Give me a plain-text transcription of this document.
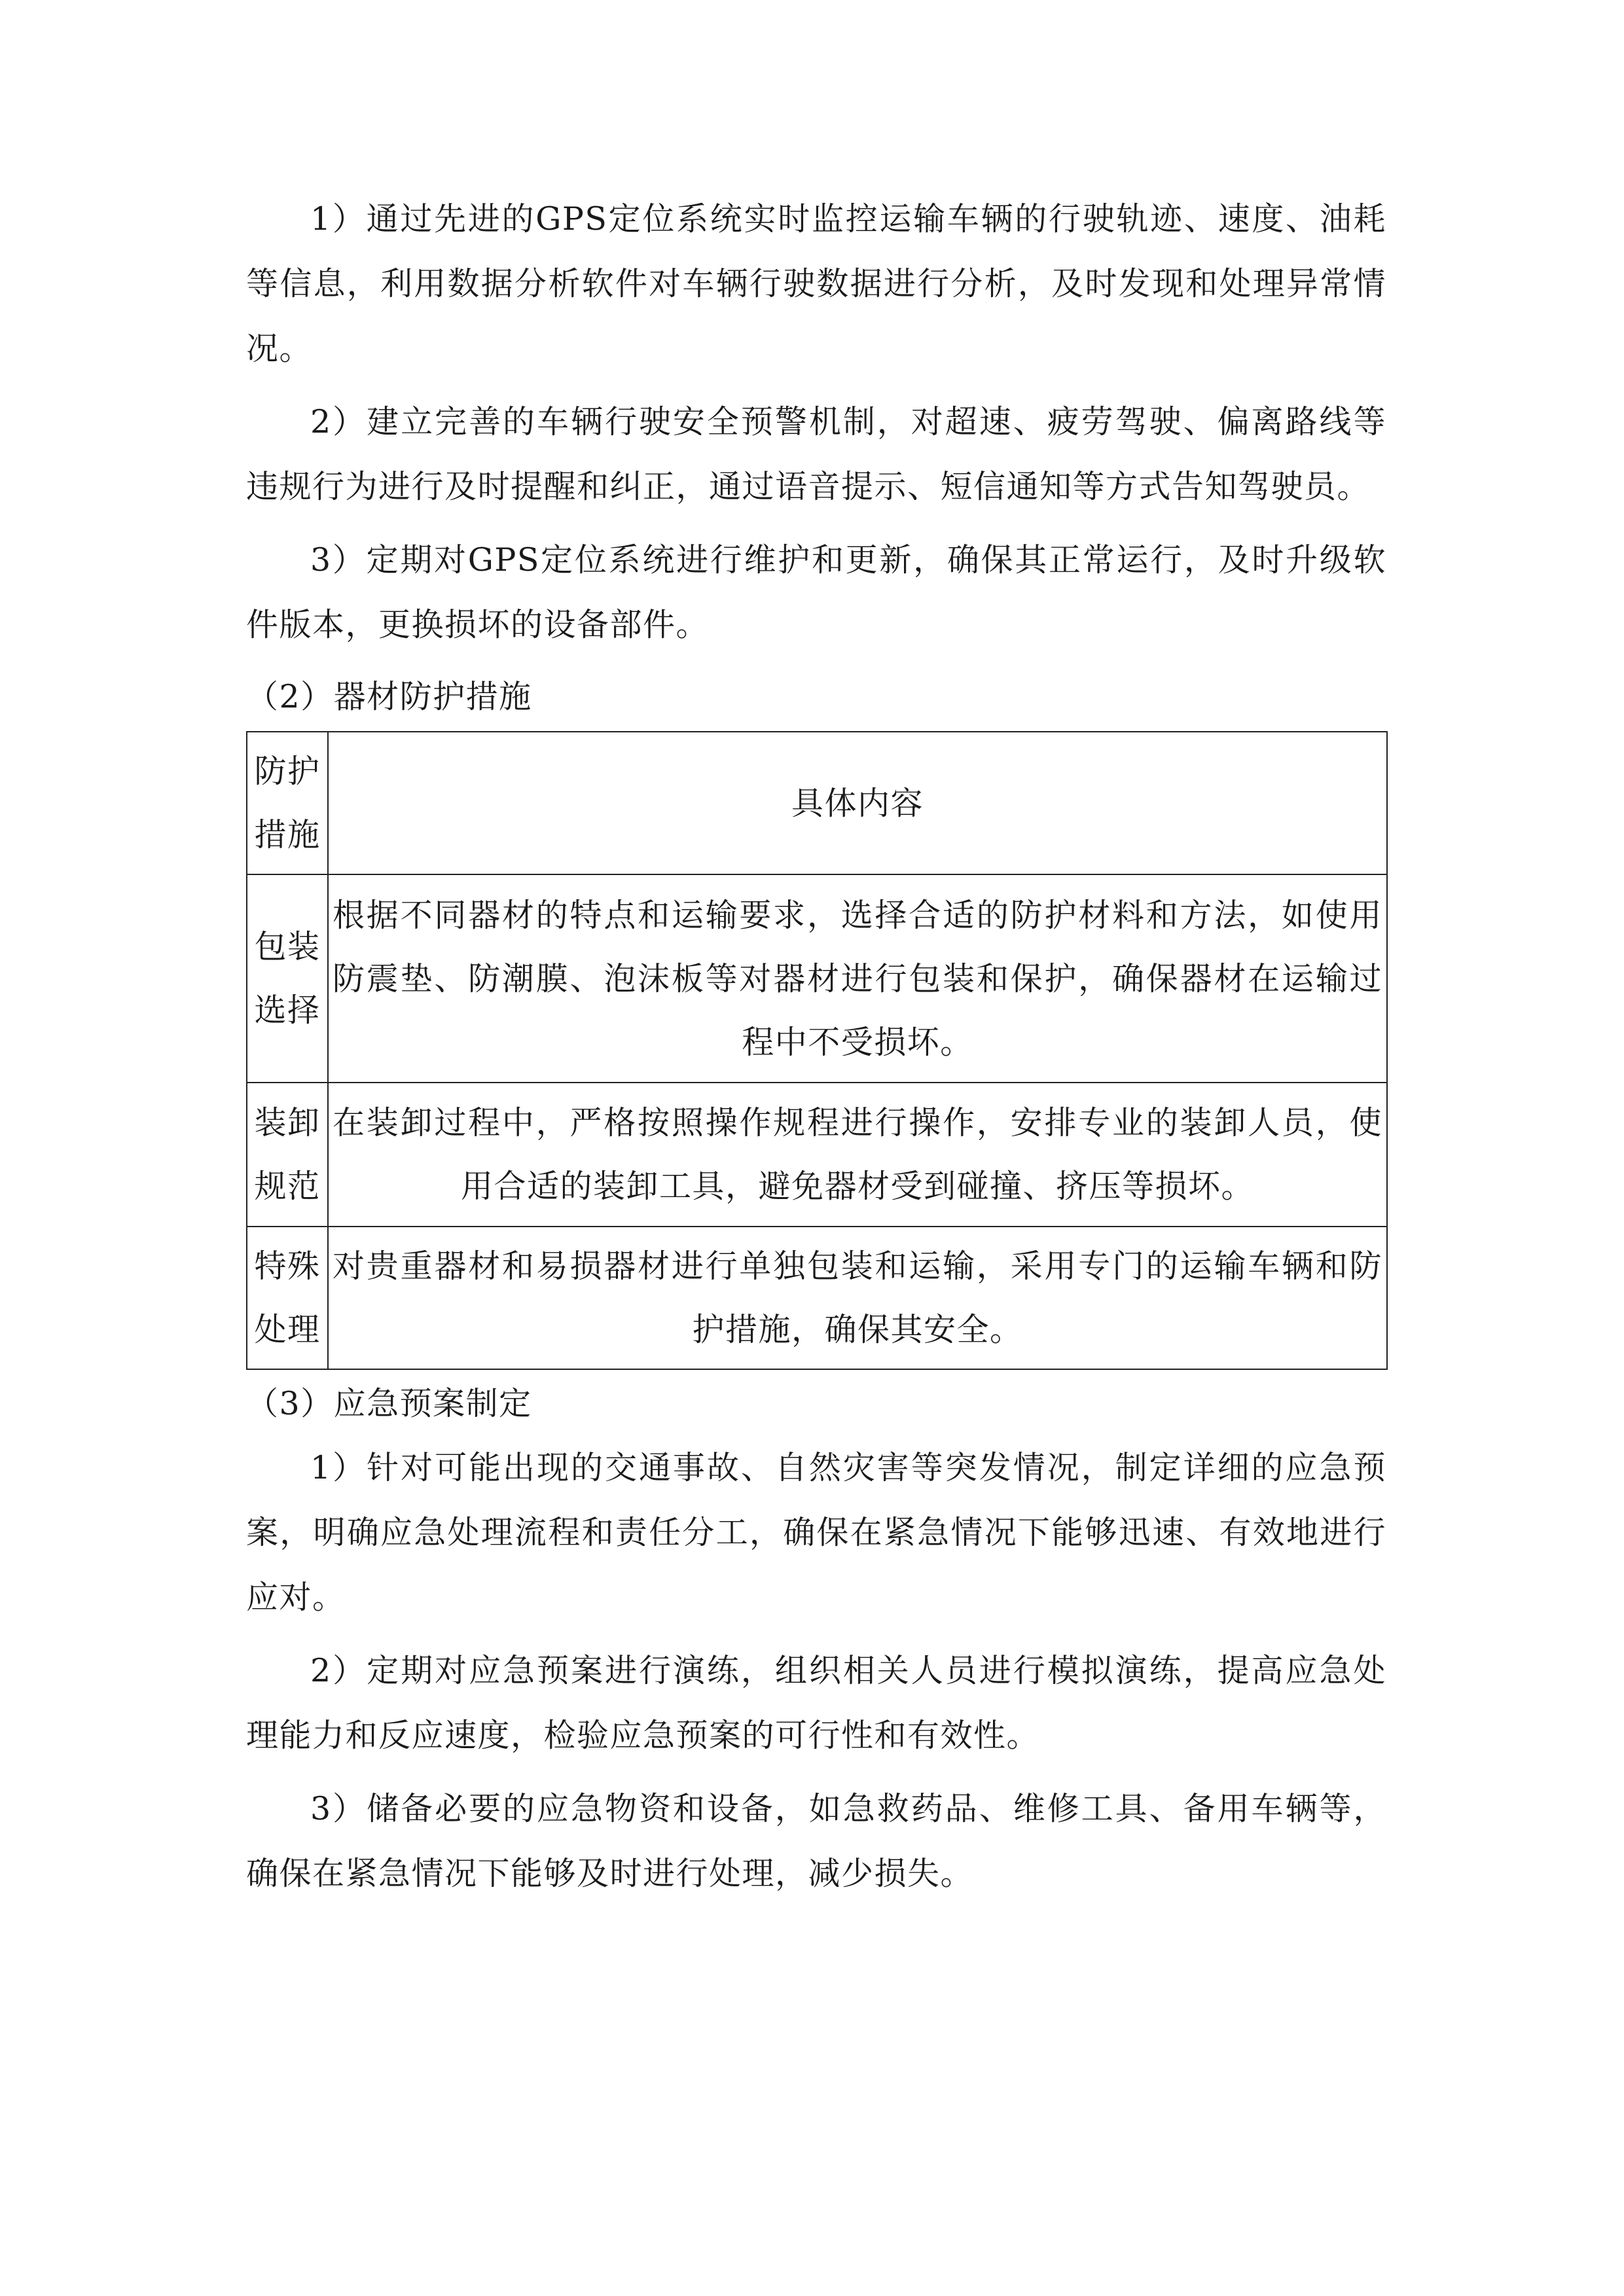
1）通过先进的GPS定位系统实时监控运输车辆的行驶轨迹、速度、油耗等信息，利用数据分析软件对车辆行驶数据进行分析，及时发现和处理异常情况。

2）建立完善的车辆行驶安全预警机制，对超速、疲劳驾驶、偏离路线等违规行为进行及时提醒和纠正，通过语音提示、短信通知等方式告知驾驶员。

3）定期对GPS定位系统进行维护和更新，确保其正常运行，及时升级软件版本，更换损坏的设备部件。

（2）器材防护措施

防护措施	具体内容
包装选择	根据不同器材的特点和运输要求，选择合适的防护材料和方法，如使用防震垫、防潮膜、泡沫板等对器材进行包装和保护，确保器材在运输过程中不受损坏。
装卸规范	在装卸过程中，严格按照操作规程进行操作，安排专业的装卸人员，使用合适的装卸工具，避免器材受到碰撞、挤压等损坏。
特殊处理	对贵重器材和易损器材进行单独包装和运输，采用专门的运输车辆和防护措施，确保其安全。

（3）应急预案制定

1）针对可能出现的交通事故、自然灾害等突发情况，制定详细的应急预案，明确应急处理流程和责任分工，确保在紧急情况下能够迅速、有效地进行应对。

2）定期对应急预案进行演练，组织相关人员进行模拟演练，提高应急处理能力和反应速度，检验应急预案的可行性和有效性。

3）储备必要的应急物资和设备，如急救药品、维修工具、备用车辆等，确保在紧急情况下能够及时进行处理，减少损失。
